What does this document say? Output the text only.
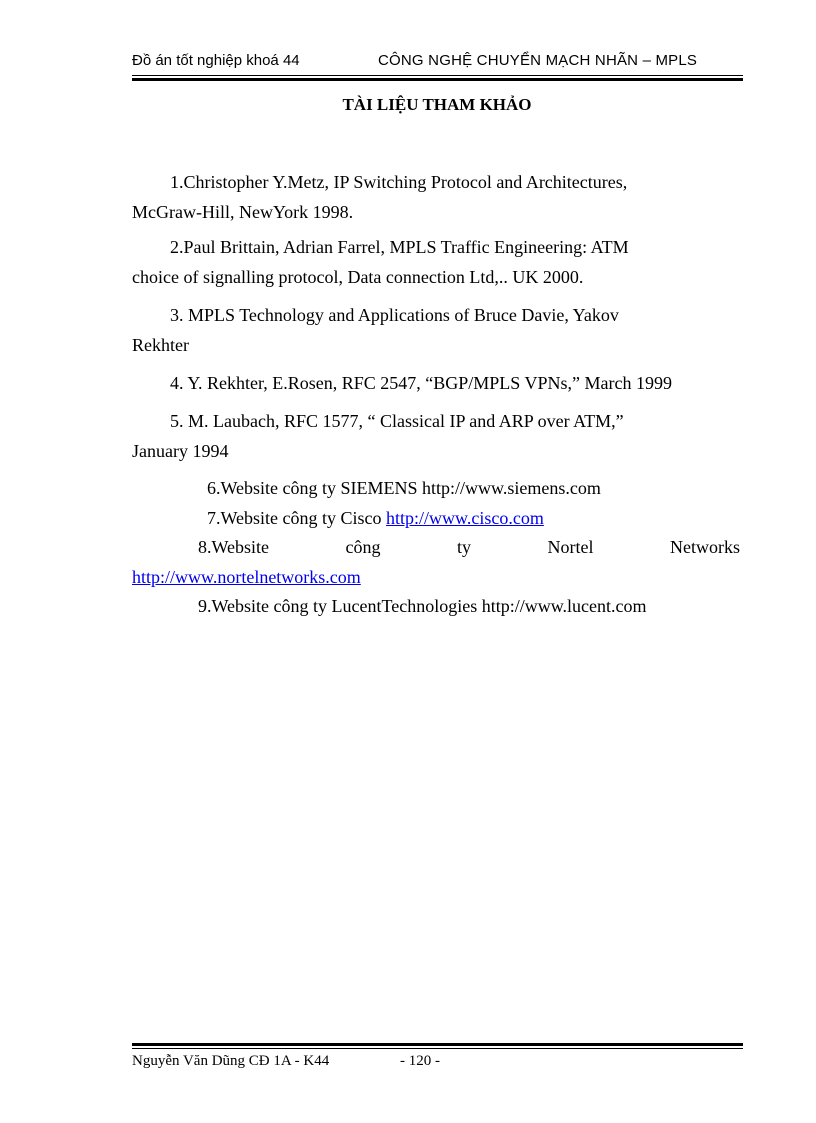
Đồ án tốt nghiệp khoá 44	CÔNG NGHỆ CHUYỂN MẠCH NHÃN – MPLS
TÀI LIỆU THAM KHẢO
1.Christopher Y.Metz, IP Switching Protocol and Architectures,
McGraw-Hill, NewYork 1998.
2.Paul Brittain, Adrian Farrel, MPLS Traffic Engineering: ATM
choice of signalling protocol, Data connection Ltd,.. UK 2000.
3. MPLS Technology and Applications of Bruce Davie, Yakov
Rekhter
4. Y. Rekhter, E.Rosen, RFC 2547, “BGP/MPLS VPNs,” March 1999
5. M. Laubach, RFC 1577, “ Classical IP and ARP over ATM,”
January 1994
6.Website công ty SIEMENS http://www.siemens.com
7.Website công ty Cisco http://www.cisco.com
8.Website	công	ty	Nortel	Networks
http://www.nortelnetworks.com
9.Website công ty LucentTechnologies http://www.lucent.com
Nguyễn Văn Dũng CĐ 1A - K44	- 120 -
